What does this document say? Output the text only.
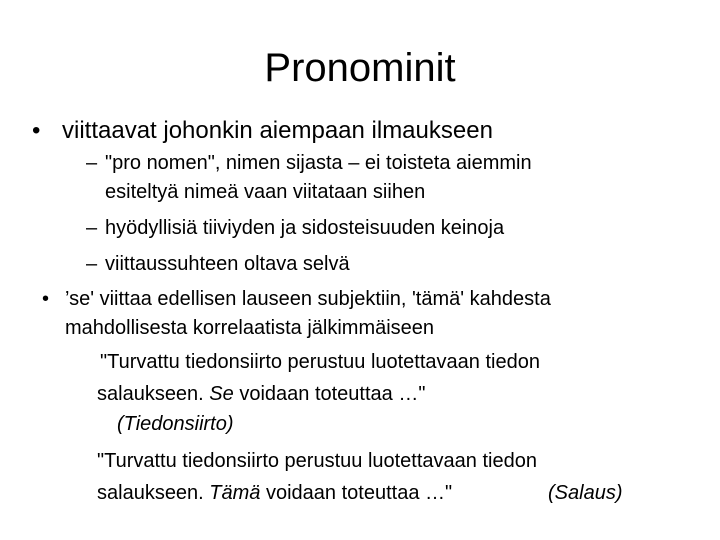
Pronominit
• viittaavat johonkin aiempaan ilmaukseen
– "pro nomen", nimen sijasta – ei toisteta aiemmin
esiteltyä nimeä vaan viitataan siihen
– hyödyllisiä tiiviyden ja sidosteisuuden keinoja
– viittaussuhteen oltava selvä
• ’se' viittaa edellisen lauseen subjektiin, 'tämä' kahdesta
mahdollisesta korrelaatista jälkimmäiseen
"Turvattu tiedonsiirto perustuu luotettavaan tiedon
salaukseen. Se voidaan toteuttaa …"
(Tiedonsiirto)
"Turvattu tiedonsiirto perustuu luotettavaan tiedon
salaukseen. Tämä voidaan toteuttaa …"	(Salaus)
